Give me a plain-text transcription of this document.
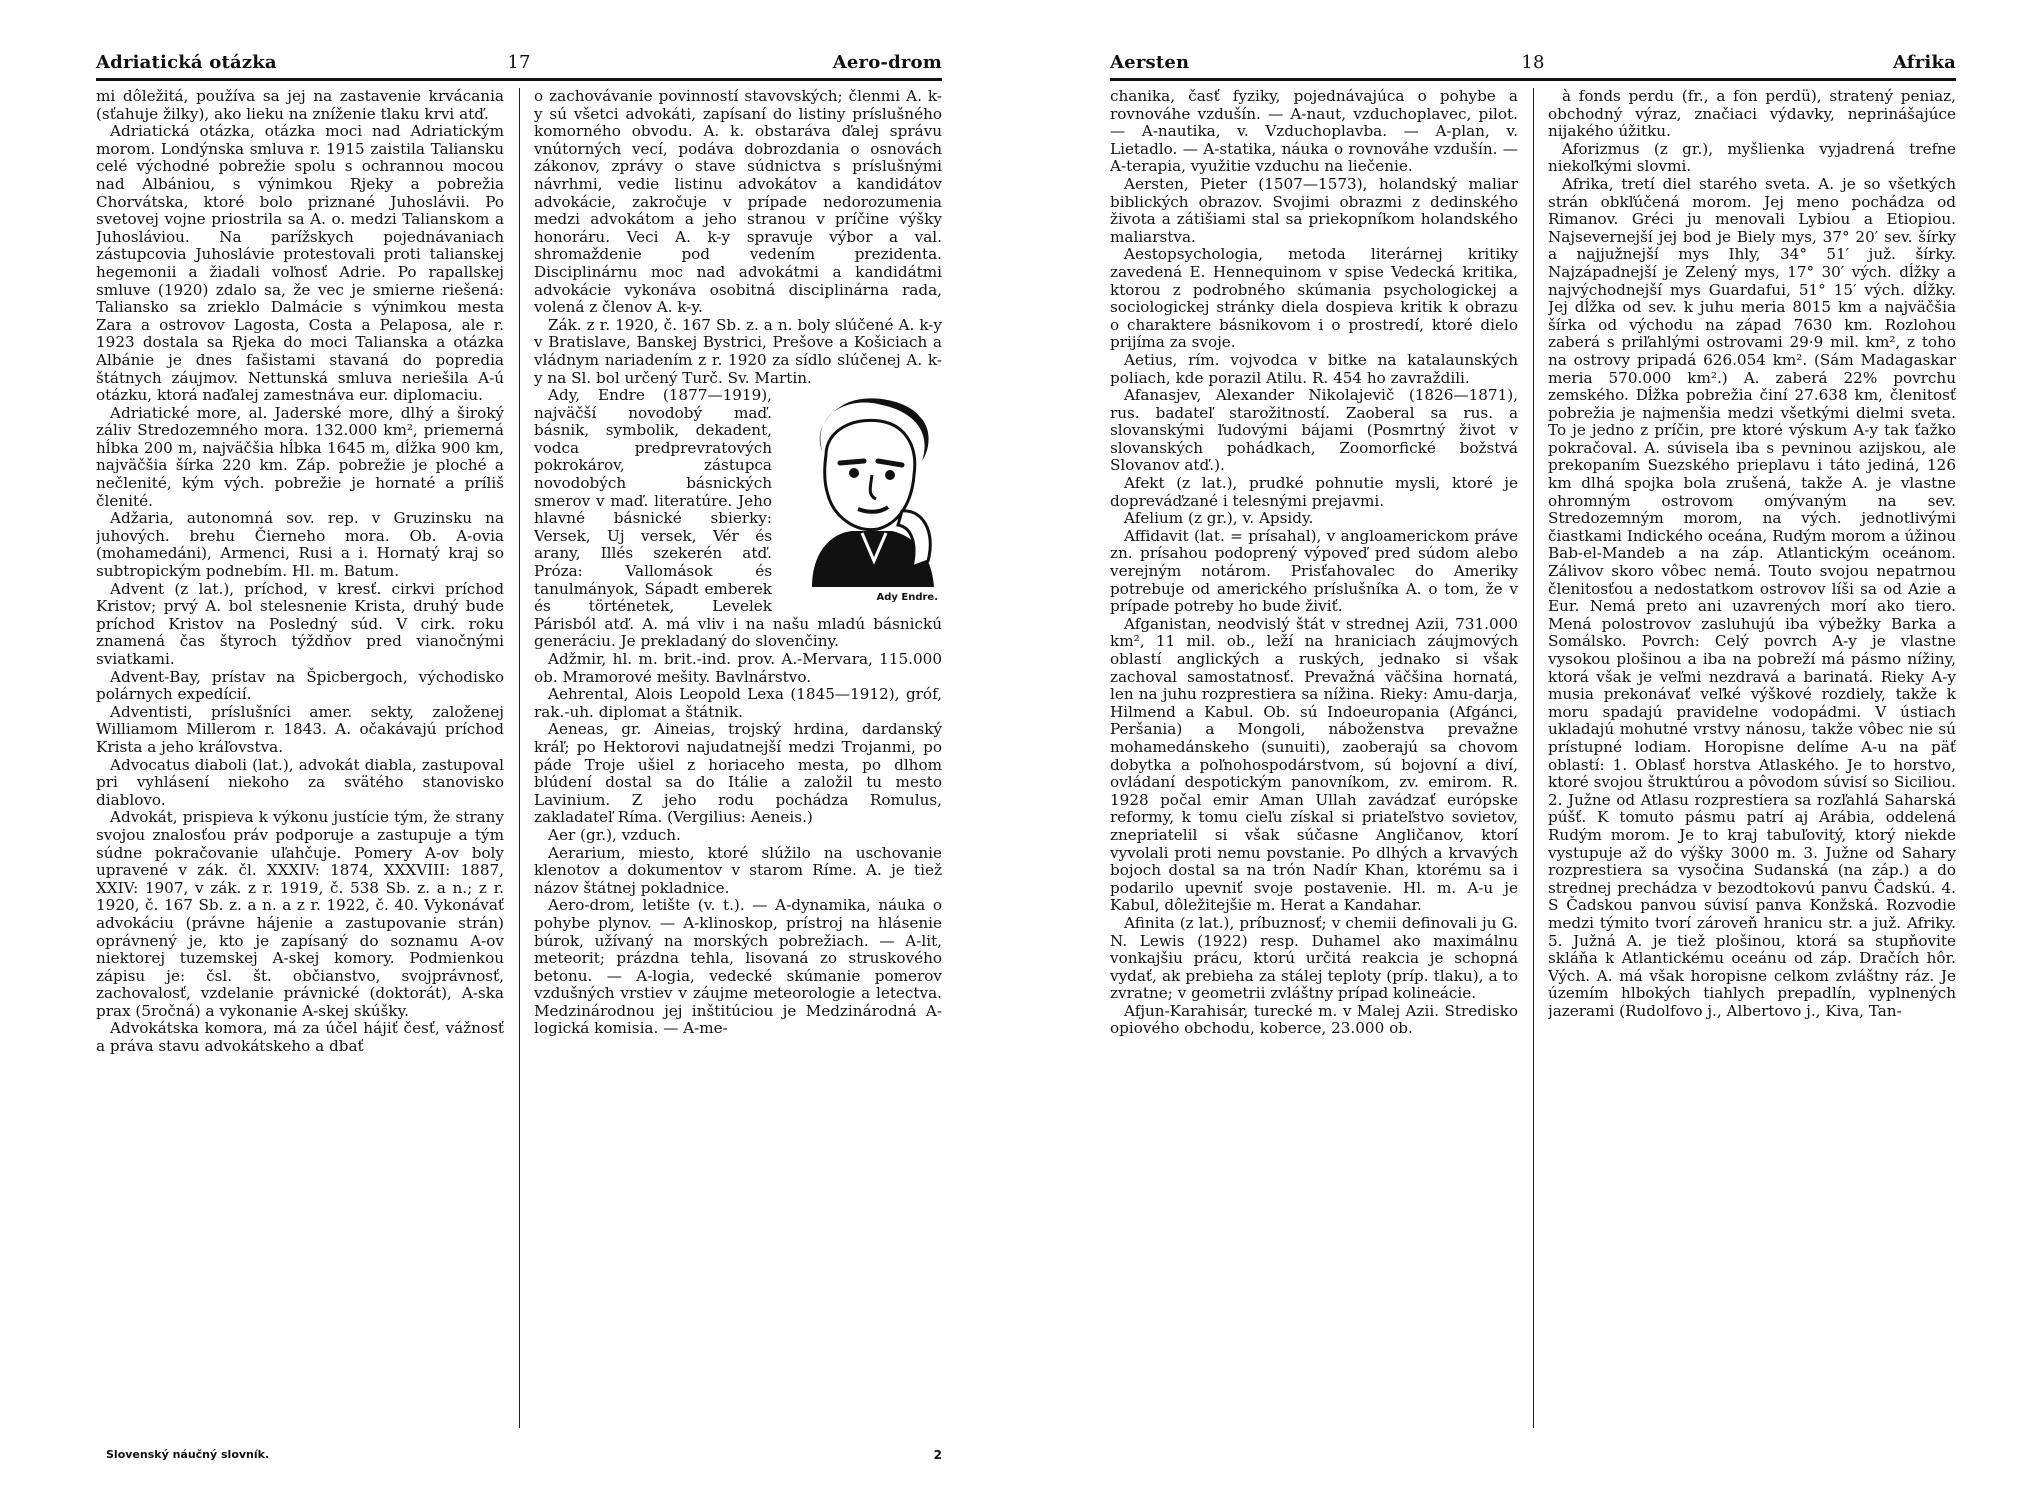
Adriatická otázka	17	Aero-drom

mi dôležitá, používa sa jej na zastavenie krvácania (sťahuje žilky), ako lieku na zníženie tlaku krvi atď.

Adriatická otázka, otázka moci nad Adriatickým morom. Londýnska smluva r. 1915 zaistila Taliansku celé východné pobrežie spolu s ochrannou mocou nad Albániou, s výnimkou Rjeky a pobrežia Chorvátska, ktoré bolo priznané Juhoslávii. Po svetovej vojne priostrila sa A. o. medzi Talianskom a Juhosláviou. Na parížskych pojednávaniach zástupcovia Juhoslávie protestovali proti talianskej hegemonii a žiadali voľnosť Adrie. Po rapallskej smluve (1920) zdalo sa, že vec je smierne riešená: Taliansko sa zrieklo Dalmácie s výnimkou mesta Zara a ostrovov Lagosta, Costa a Pelaposa, ale r. 1923 dostala sa Rjeka do moci Talianska a otázka Albánie je dnes fašistami stavaná do popredia štátnych záujmov. Nettunská smluva neriešila A-ú otázku, ktorá naďalej zamestnáva eur. diplomaciu.

Adriatické more, al. Jaderské more, dlhý a široký záliv Stredozemného mora. 132.000 km², priemerná hĺbka 200 m, najväčšia hĺbka 1645 m, dĺžka 900 km, najväčšia šírka 220 km. Záp. pobrežie je ploché a nečlenité, kým vých. pobrežie je hornaté a príliš členité.

Adžaria, autonomná sov. rep. v Gruzinsku na juhových. brehu Čierneho mora. Ob. A-ovia (mohamedáni), Armenci, Rusi a i. Hornatý kraj so subtropickým podnebím. Hl. m. Batum.

Advent (z lat.), príchod, v kresť. cirkvi príchod Kristov; prvý A. bol stelesnenie Krista, druhý bude príchod Kristov na Posledný súd. V cirk. roku znamená čas štyroch týždňov pred vianočnými sviatkami.

Advent-Bay, prístav na Špicbergoch, východisko polárnych expedícií.

Adventisti, príslušníci amer. sekty, založenej Williamom Millerom r. 1843. A. očakávajú príchod Krista a jeho kráľovstva.

Advocatus diaboli (lat.), advokát diabla, zastupoval pri vyhlásení niekoho za svätého stanovisko diablovo.

Advokát, prispieva k výkonu justície tým, že strany svojou znalosťou práv podporuje a zastupuje a tým súdne pokračovanie uľahčuje. Pomery A-ov boly upravené v zák. čl. XXXIV: 1874, XXXVIII: 1887, XXIV: 1907, v zák. z r. 1919, č. 538 Sb. z. a n.; z r. 1920, č. 167 Sb. z. a n. a z r. 1922, č. 40. Vykonávať advokáciu (právne hájenie a zastupovanie strán) oprávnený je, kto je zapísaný do soznamu A-ov niektorej tuzemskej A-skej komory. Podmienkou zápisu je: čsl. št. občianstvo, svojprávnosť, zachovalosť, vzdelanie právnické (doktorát), A-ska prax (5ročná) a vykonanie A-skej skúšky.

Advokátska komora, má za účel hájiť česť, vážnosť a práva stavu advokátskeho a dbať

o zachovávanie povinností stavovských; členmi A. k-y sú všetci advokáti, zapísaní do listiny príslušného komorného obvodu. A. k. obstaráva ďalej správu vnútorných vecí, podáva dobrozdania o osnovách zákonov, zprávy o stave súdnictva s príslušnými návrhmi, vedie listinu advokátov a kandidátov advokácie, zakročuje v prípade nedorozumenia medzi advokátom a jeho stranou v príčine výšky honoráru. Veci A. k-y spravuje výbor a val. shromaždenie pod vedením prezidenta. Disciplinárnu moc nad advokátmi a kandidátmi advokácie vykonáva osobitná disciplinárna rada, volená z členov A. k-y.

Zák. z r. 1920, č. 167 Sb. z. a n. boly slúčené A. k-y v Bratislave, Banskej Bystrici, Prešove a Košiciach a vládnym nariadením z r. 1920 za sídlo slúčenej A. k-y na Sl. bol určený Turč. Sv. Martin.

Ady Endre.

Ady, Endre (1877—1919), najväčší novodobý maď. básnik, symbolik, dekadent, vodca predprevratových pokrokárov, zástupca novodobých básnických smerov v maď. literatúre. Jeho hlavné básnické sbierky: Versek, Uj versek, Vér és arany, Illés szekerén atď. Próza: Vallomások és tanulmányok, Sápadt emberek és történetek, Levelek Párisból atď. A. má vliv i na našu mladú básnickú generáciu. Je prekladaný do slovenčiny.

Adžmir, hl. m. brit.-ind. prov. A.-Mervara, 115.000 ob. Mramorové mešity. Bavlnárstvo.

Aehrental, Alois Leopold Lexa (1845—1912), gróf, rak.-uh. diplomat a štátnik.

Aeneas, gr. Aineias, trojský hrdina, dardanský kráľ; po Hektorovi najudatnejší medzi Trojanmi, po páde Troje ušiel z horiaceho mesta, po dlhom blúdení dostal sa do Itálie a založil tu mesto Lavinium. Z jeho rodu pochádza Romulus, zakladateľ Ríma. (Vergilius: Aeneis.)

Aer (gr.), vzduch.

Aerarium, miesto, ktoré slúžilo na uschovanie klenotov a dokumentov v starom Ríme. A. je tiež názov štátnej pokladnice.

Aero-drom, letište (v. t.). — A-dynamika, náuka o pohybe plynov. — A-klinoskop, prístroj na hlásenie búrok, užívaný na morských pobrežiach. — A-lit, meteorit; prázdna tehla, lisovaná zo struskového betonu. — A-logia, vedecké skúmanie pomerov vzdušných vrstiev v záujme meteorologie a letectva. Medzinárodnou jej inštitúciou je Medzinárodná A-logická komisia. — A-me-

Slovenský náučný slovník.	2
Aersten	18	Afrika

chanika, časť fyziky, pojednávajúca o pohybe a rovnováhe vzdušín. — A-naut, vzduchoplavec, pilot. — A-nautika, v. Vzduchoplavba. — A-plan, v. Lietadlo. — A-statika, náuka o rovnováhe vzdušín. — A-terapia, využitie vzduchu na liečenie.

Aersten, Pieter (1507—1573), holandský maliar biblických obrazov. Svojimi obrazmi z dedinského života a zátišiami stal sa priekopníkom holandského maliarstva.

Aestopsychologia, metoda literárnej kritiky zavedená E. Hennequinom v spise Vedecká kritika, ktorou z podrobného skúmania psychologickej a sociologickej stránky diela dospieva kritik k obrazu o charaktere básnikovom i o prostredí, ktoré dielo prijíma za svoje.

Aetius, rím. vojvodca v bitke na katalaunských poliach, kde porazil Atilu. R. 454 ho zavraždili.

Afanasjev, Alexander Nikolajevič (1826—1871), rus. badateľ starožitností. Zaoberal sa rus. a slovanskými ľudovými bájami (Posmrtný život v slovanských pohádkach, Zoomorfické božstvá Slovanov atď.).

Afekt (z lat.), prudké pohnutie mysli, ktoré je dopreváďzané i telesnými prejavmi.

Afelium (z gr.), v. Apsidy.

Affidavit (lat. = prísahal), v angloamerickom práve zn. prísahou podoprený výpoveď pred súdom alebo verejným notárom. Prisťahovalec do Ameriky potrebuje od amerického príslušníka A. o tom, že v prípade potreby ho bude živiť.

Afganistan, neodvislý štát v strednej Azii, 731.000 km², 11 mil. ob., leží na hraniciach záujmových oblastí anglických a ruských, jednako si však zachoval samostatnosť. Prevažná väčšina hornatá, len na juhu rozprestiera sa nížina. Rieky: Amu-darja, Hilmend a Kabul. Ob. sú Indoeuropania (Afgánci, Peršania) a Mongoli, náboženstva prevažne mohamedánskeho (sunuiti), zaoberajú sa chovom dobytka a poľnohospodárstvom, sú bojovní a diví, ovládaní despotickým panovníkom, zv. emirom. R. 1928 počal emir Aman Ullah zavádzať európske reformy, k tomu cieľu získal si priateľstvo sovietov, znepriatelil si však súčasne Angličanov, ktorí vyvolali proti nemu povstanie. Po dlhých a krvavých bojoch dostal sa na trón Nadír Khan, ktorému sa i podarilo upevniť svoje postavenie. Hl. m. A-u je Kabul, dôležitejšie m. Herat a Kandahar.

Afinita (z lat.), príbuznosť; v chemii definovali ju G. N. Lewis (1922) resp. Duhamel ako maximálnu vonkajšiu prácu, ktorú určitá reakcia je schopná vydať, ak prebieha za stálej teploty (príp. tlaku), a to zvratne; v geometrii zvláštny prípad kolineácie.

Afjun-Karahisár, turecké m. v Malej Azii. Stredisko opiového obchodu, koberce, 23.000 ob.

à fonds perdu (fr., a fon perdü), stratený peniaz, obchodný výraz, značiaci výdavky, neprinášajúce nijakého úžitku.

Aforizmus (z gr.), myšlienka vyjadrená trefne niekoľkými slovmi.

Afrika, tretí diel starého sveta. A. je so všetkých strán obkľúčená morom. Jej meno pochádza od Rimanov. Gréci ju menovali Lybiou a Etiopiou. Najsevernejší jej bod je Biely mys, 37° 20′ sev. šírky a najjužnejší mys Ihly, 34° 51′ juž. šírky. Najzápadnejší je Zelený mys, 17° 30′ vých. dĺžky a najvýchodnejší mys Guardafui, 51° 15′ vých. dĺžky. Jej dĺžka od sev. k juhu meria 8015 km a najväčšia šírka od východu na západ 7630 km. Rozlohou zaberá s priľahlými ostrovami 29·9 mil. km², z toho na ostrovy pripadá 626.054 km². (Sám Madagaskar meria 570.000 km².) A. zaberá 22% povrchu zemského. Dĺžka pobrežia činí 27.638 km, členitosť pobrežia je najmenšia medzi všetkými dielmi sveta. To je jedno z príčin, pre ktoré výskum A-y tak ťažko pokračoval. A. súvisela iba s pevninou azijskou, ale prekopaním Suezského prieplavu i táto jediná, 126 km dlhá spojka bola zrušená, takže A. je vlastne ohromným ostrovom omývaným na sev. Stredozemným morom, na vých. jednotlivými čiastkami Indického oceána, Rudým morom a úžinou Bab-el-Mandeb a na záp. Atlantickým oceánom. Zálivov skoro vôbec nemá. Touto svojou nepatrnou členitosťou a nedostatkom ostrovov líši sa od Azie a Eur. Nemá preto ani uzavrených morí ako tiero. Mená polostrovov zasluhujú iba výbežky Barka a Somálsko. Povrch: Celý povrch A-y je vlastne vysokou plošinou a iba na pobreží má pásmo nížiny, ktorá však je veľmi nezdravá a barinatá. Rieky A-y musia prekonávať veľké výškové rozdiely, takže k moru spadajú pravidelne vodopádmi. V ústiach ukladajú mohutné vrstvy nánosu, takže vôbec nie sú prístupné lodiam. Horopisne delíme A-u na päť oblastí: 1. Oblasť horstva Atlaského. Je to horstvo, ktoré svojou štruktúrou a pôvodom súvisí so Siciliou. 2. Južne od Atlasu rozprestiera sa rozľahlá Saharská púšť. K tomuto pásmu patrí aj Arábia, oddelená Rudým morom. Je to kraj tabuľovitý, ktorý niekde vystupuje až do výšky 3000 m. 3. Južne od Sahary rozprestiera sa vysočina Sudanská (na záp.) a do strednej prechádza v bezodtokovú panvu Čadskú. 4. S Čadskou panvou súvisí panva Konžská. Rozvodie medzi týmito tvorí zároveň hranicu str. a juž. Afriky. 5. Južná A. je tiež plošinou, ktorá sa stupňovite skláňa k Atlantickému oceánu od záp. Dračích hôr. Vých. A. má však horopisne celkom zvláštny ráz. Je územím hlbokých tiahlych prepadlín, vyplnených jazerami (Rudolfovo j., Albertovo j., Kiva, Tan-
